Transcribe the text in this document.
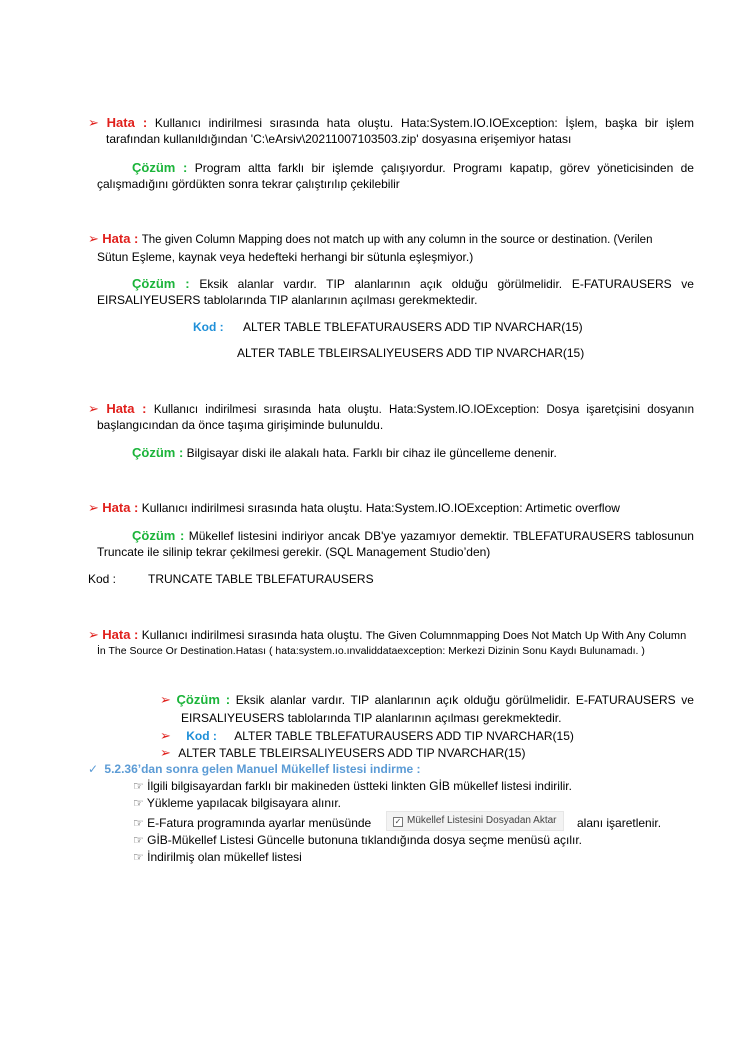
➢ Hata : Kullanıcı indirilmesi sırasında hata oluştu. Hata:System.IO.IOException: İşlem, başka bir işlem
tarafından kullanıldığından 'C:\eArsiv\20211007103503.zip' dosyasına erişemiyor hatası
Çözüm : Program altta farklı bir işlemde çalışıyordur. Programı kapatıp, görev yöneticisinden de
çalışmadığını gördükten sonra tekrar çalıştırılıp çekilebilir
➢ Hata : The given Column Mapping does not match up with any column in the source or destination. (Verilen
Sütun Eşleme, kaynak veya hedefteki herhangi bir sütunla eşleşmiyor.)
Çözüm : Eksik alanlar vardır. TIP alanlarının açık olduğu görülmelidir. E-FATURAUSERS ve
EIRSALIYEUSERS tablolarında TIP alanlarının açılması gerekmektedir.
Kod : ALTER TABLE TBLEFATURAUSERS ADD TIP NVARCHAR(15)
ALTER TABLE TBLEIRSALIYEUSERS ADD TIP NVARCHAR(15)
➢ Hata : Kullanıcı indirilmesi sırasında hata oluştu. Hata:System.IO.IOException: Dosya işaretçisini dosyanın
başlangıcından da önce taşıma girişiminde bulunuldu.
Çözüm : Bilgisayar diski ile alakalı hata. Farklı bir cihaz ile güncelleme denenir.
➢ Hata : Kullanıcı indirilmesi sırasında hata oluştu. Hata:System.IO.IOException: Artimetic overflow
Çözüm : Mükellef listesini indiriyor ancak DB'ye yazamıyor demektir. TBLEFATURAUSERS tablosunun
Truncate ile silinip tekrar çekilmesi gerekir. (SQL Management Studio’den)
Kod :	TRUNCATE TABLE TBLEFATURAUSERS
➢ Hata : Kullanıcı indirilmesi sırasında hata oluştu. The Given Columnmapping Does Not Match Up With Any Column
İn The Source Or Destination.Hatası ( hata:system.ıo.ınvaliddataexception: Merkezi Dizinin Sonu Kaydı Bulunamadı. )
➢ Çözüm : Eksik alanlar vardır. TIP alanlarının açık olduğu görülmelidir. E-FATURAUSERS ve
EIRSALIYEUSERS tablolarında TIP alanlarının açılması gerekmektedir.
➢ Kod : ALTER TABLE TBLEFATURAUSERS ADD TIP NVARCHAR(15)
➢ ALTER TABLE TBLEIRSALIYEUSERS ADD TIP NVARCHAR(15)
✓ 5.2.36’dan sonra gelen Manuel Mükellef listesi indirme :
☞ İlgili bilgisayardan farklı bir makineden üstteki linkten GİB mükellef listesi indirilir.
☞ Yükleme yapılacak bilgisayara alınır.
☞ E-Fatura programında ayarlar menüsünde	✓ Mükellef Listesini Dosyadan Aktar	alanı işaretlenir.
☞ GİB-Mükellef Listesi Güncelle butonuna tıklandığında dosya seçme menüsü açılır.
☞ İndirilmiş olan mükellef listesi
